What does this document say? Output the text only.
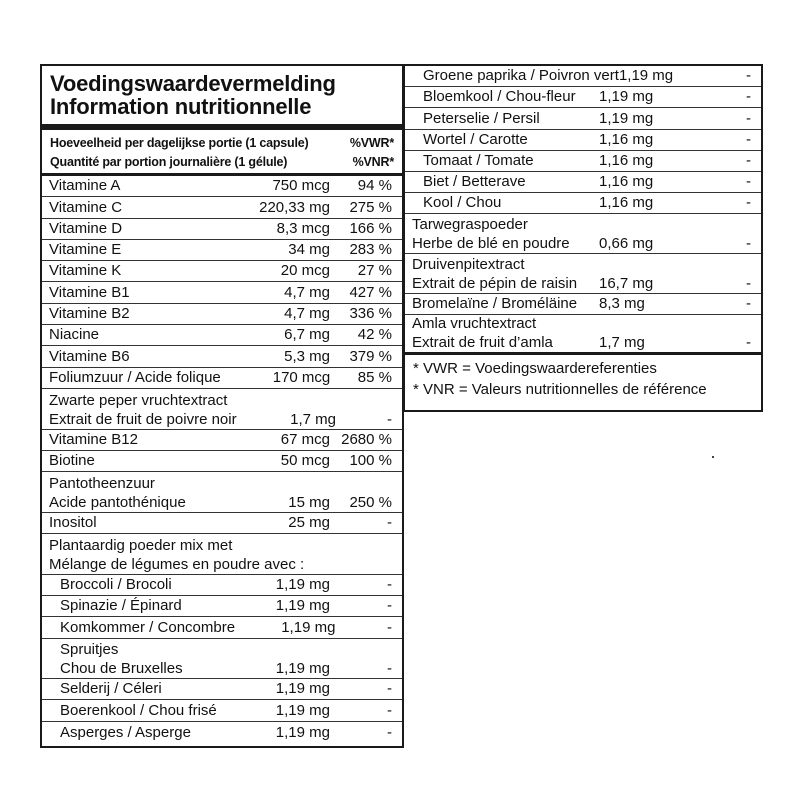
Voedingswaardevermelding
Information nutritionnelle
Hoeveelheid per dagelijkse portie (1 capsule)	%VWR*
Quantité par portion journalière (1 gélule)	%VNR*
Vitamine A	750 mcg	94 %
Vitamine C	220,33 mg	275 %
Vitamine D	8,3 mcg	166 %
Vitamine E	34 mg	283 %
Vitamine K	20 mcg	27 %
Vitamine B1	4,7 mg	427 %
Vitamine B2	4,7 mg	336 %
Niacine	6,7 mg	42 %
Vitamine B6	5,3 mg	379 %
Foliumzuur / Acide folique	170 mcg	85 %
Zwarte peper vruchtextract
Extrait de fruit de poivre noir	1,7 mg	-
Vitamine B12	67 mcg 2680 %
Biotine	50 mcg	100 %
Pantotheenzuur
Acide pantothénique	15 mg	250 %
Inositol	25 mg	-
Plantaardig poeder mix met
Mélange de légumes en poudre avec :
Broccoli / Brocoli	1,19 mg	-
Spinazie / Épinard	1,19 mg	-
Komkommer / Concombre	1,19 mg	-
Spruitjes
Chou de Bruxelles	1,19 mg	-
Selderij / Céleri	1,19 mg	-
Boerenkool / Chou frisé	1,19 mg	-
Asperges / Asperge	1,19 mg	-
Groene paprika / Poivron vert 1,19 mg	-
Bloemkool / Chou-fleur	1,19 mg	-
Peterselie / Persil	1,19 mg	-
Wortel / Carotte	1,16 mg	-
Tomaat / Tomate	1,16 mg	-
Biet / Betterave	1,16 mg	-
Kool / Chou	1,16 mg	-
Tarwegraspoeder
Herbe de blé en poudre	0,66 mg	-
Druivenpitextract
Extrait de pépin de raisin	16,7 mg	-
Bromelaïne / Broméläine	8,3 mg	-
Amla vruchtextract
Extrait de fruit d’amla	1,7 mg	-
* VWR = Voedingswaardereferenties
* VNR = Valeurs nutritionnelles de référence
